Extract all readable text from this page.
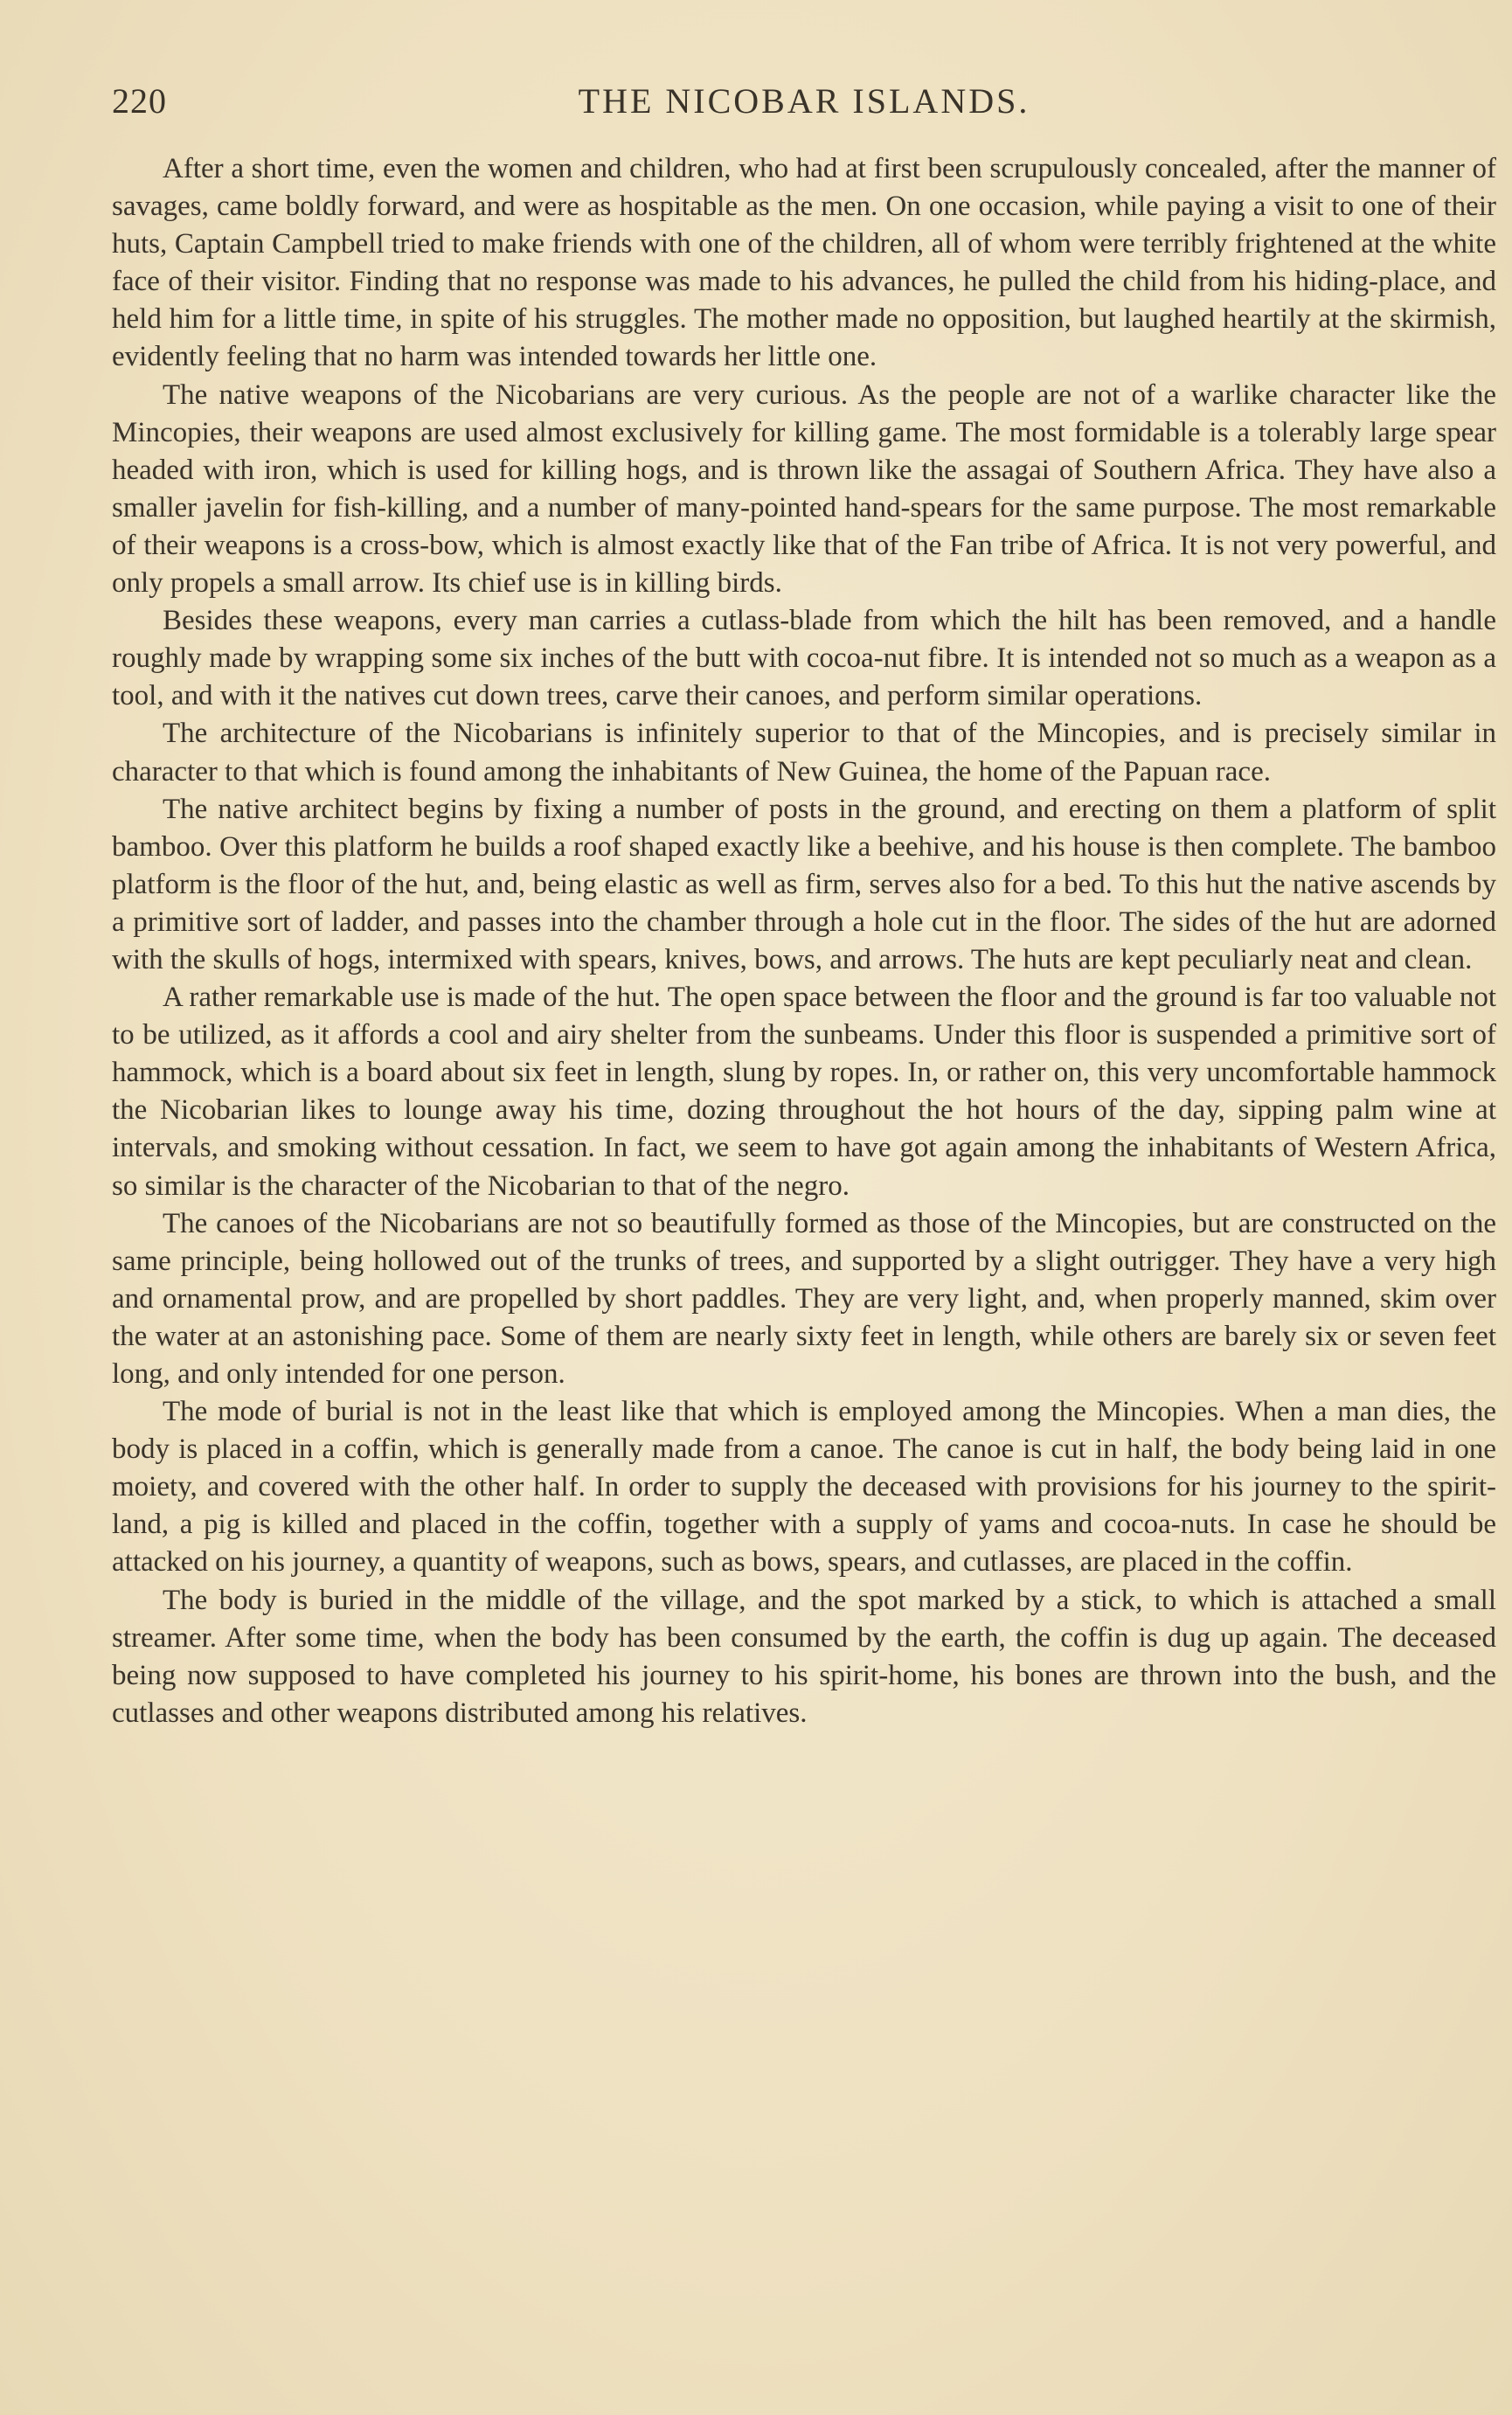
220	THE NICOBAR ISLANDS.

After a short time, even the women and children, who had at first been scrupulously concealed, after the manner of savages, came boldly forward, and were as hospitable as the men. On one occasion, while paying a visit to one of their huts, Captain Campbell tried to make friends with one of the children, all of whom were terribly frightened at the white face of their visitor. Finding that no response was made to his advances, he pulled the child from his hiding-place, and held him for a little time, in spite of his struggles. The mother made no opposition, but laughed heartily at the skirmish, evidently feeling that no harm was intended towards her little one.

The native weapons of the Nicobarians are very curious. As the people are not of a warlike character like the Mincopies, their weapons are used almost exclusively for killing game. The most formidable is a tolerably large spear headed with iron, which is used for killing hogs, and is thrown like the assagai of Southern Africa. They have also a smaller javelin for fish-killing, and a number of many-pointed hand-spears for the same purpose. The most remarkable of their weapons is a cross-bow, which is almost exactly like that of the Fan tribe of Africa. It is not very powerful, and only propels a small arrow. Its chief use is in killing birds.

Besides these weapons, every man carries a cutlass-blade from which the hilt has been removed, and a handle roughly made by wrapping some six inches of the butt with cocoa-nut fibre. It is intended not so much as a weapon as a tool, and with it the natives cut down trees, carve their canoes, and perform similar operations.

The architecture of the Nicobarians is infinitely superior to that of the Mincopies, and is precisely similar in character to that which is found among the inhabitants of New Guinea, the home of the Papuan race.

The native architect begins by fixing a number of posts in the ground, and erecting on them a platform of split bamboo. Over this platform he builds a roof shaped exactly like a beehive, and his house is then complete. The bamboo platform is the floor of the hut, and, being elastic as well as firm, serves also for a bed. To this hut the native ascends by a primitive sort of ladder, and passes into the chamber through a hole cut in the floor. The sides of the hut are adorned with the skulls of hogs, intermixed with spears, knives, bows, and arrows. The huts are kept peculiarly neat and clean.

A rather remarkable use is made of the hut. The open space between the floor and the ground is far too valuable not to be utilized, as it affords a cool and airy shelter from the sunbeams. Under this floor is suspended a primitive sort of hammock, which is a board about six feet in length, slung by ropes. In, or rather on, this very uncomfortable hammock the Nicobarian likes to lounge away his time, dozing throughout the hot hours of the day, sipping palm wine at intervals, and smoking without cessation. In fact, we seem to have got again among the inhabitants of Western Africa, so similar is the character of the Nicobarian to that of the negro.

The canoes of the Nicobarians are not so beautifully formed as those of the Mincopies, but are constructed on the same principle, being hollowed out of the trunks of trees, and supported by a slight outrigger. They have a very high and ornamental prow, and are propelled by short paddles. They are very light, and, when properly manned, skim over the water at an astonishing pace. Some of them are nearly sixty feet in length, while others are barely six or seven feet long, and only intended for one person.

The mode of burial is not in the least like that which is employed among the Mincopies. When a man dies, the body is placed in a coffin, which is generally made from a canoe. The canoe is cut in half, the body being laid in one moiety, and covered with the other half. In order to supply the deceased with provisions for his journey to the spirit-land, a pig is killed and placed in the coffin, together with a supply of yams and cocoa-nuts. In case he should be attacked on his journey, a quantity of weapons, such as bows, spears, and cutlasses, are placed in the coffin.

The body is buried in the middle of the village, and the spot marked by a stick, to which is attached a small streamer. After some time, when the body has been consumed by the earth, the coffin is dug up again. The deceased being now supposed to have completed his journey to his spirit-home, his bones are thrown into the bush, and the cutlasses and other weapons distributed among his relatives.
